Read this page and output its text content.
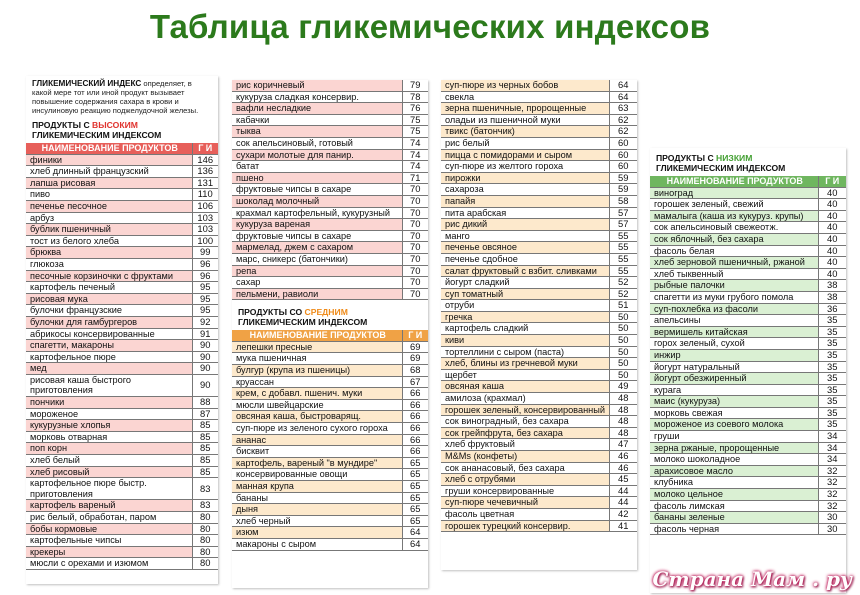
Таблица гликемических индексов
ГЛИКЕМИЧЕСКИЙ ИНДЕКС определяет, в какой мере тот или иной продукт вызывает повышение содержания сахара в крови и инсулиновую реакцию поджелудочной железы.
ПРОДУКТЫ С ВЫСОКИМ
ГЛИКЕМИЧЕСКИМ ИНДЕКСОМ
НАИМЕНОВАНИЕ ПРОДУКТОВ	Г И
финики	146
хлеб длинный французский	136
лапша рисовая	131
пиво	110
печенье песочное	106
арбуз	103
бублик пшеничный	103
тост из белого хлеба	100
брюква	99
глюкоза	96
песочные корзиночки с фруктами	96
картофель печеный	95
рисовая мука	95
булочки французские	95
булочки для гамбургеров	92
абрикосы консервированные	91
спагетти, макароны	90
картофельное пюре	90
мед	90
рисовая каша быстрого приготовления	90
пончики	88
мороженое	87
кукурузные хлопья	85
морковь отварная	85
поп корн	85
хлеб белый	85
хлеб рисовый	85
картофельное пюре быстр. приготовления	83
картофель вареный	83
рис белый, обработан, паром	80
бобы кормовые	80
картофельные чипсы	80
крекеры	80
мюсли с орехами и изюмом	80
рис коричневый	79
кукуруза сладкая консервир.	78
вафли несладкие	76
кабачки	75
тыква	75
сок апельсиновый, готовый	74
сухари молотые для панир.	74
батат	74
пшено	71
фруктовые чипсы в сахаре	70
шоколад молочный	70
крахмал картофельный, кукурузный	70
кукуруза вареная	70
фруктовые чипсы в сахаре	70
мармелад, джем с сахаром	70
марс, сникерс (батончики)	70
репа	70
сахар	70
пельмени, равиоли	70
ПРОДУКТЫ СО СРЕДНИМ
ГЛИКЕМИЧЕСКИМ ИНДЕКСОМ
НАИМЕНОВАНИЕ ПРОДУКТОВ	Г И
лепешки пресные	69
мука пшеничная	69
булгур (крупа из пшеницы)	68
круассан	67
крем, с добавл. пшенич. муки	66
мюсли швейцарские	66
овсяная каша, быстроварящ.	66
суп-пюре из зеленого сухого гороха	66
ананас	66
бисквит	66
картофель, вареный "в мундире"	65
консервированные овощи	65
манная крупа	65
бананы	65
дыня	65
хлеб черный	65
изюм	64
макароны с сыром	64
суп-пюре из черных бобов	64
свекла	64
зерна пшеничные, пророщенные	63
оладьи из пшеничной муки	62
твикс (батончик)	62
рис белый	60
пицца с помидорами и сыром	60
суп-пюре из желтого гороха	60
пирожки	59
сахароза	59
папайя	58
пита арабская	57
рис дикий	57
манго	55
печенье овсяное	55
печенье сдобное	55
салат фруктовый с взбит. сливками	55
йогурт сладкий	52
суп томатный	52
отруби	51
гречка	50
картофель сладкий	50
киви	50
тортеллини с сыром (паста)	50
хлеб, блины из гречневой муки	50
щербет	50
овсяная каша	49
амилоза (крахмал)	48
горошек зеленый, консервированный	48
сок виноградный, без сахара	48
сок грейпфрута, без сахара	48
хлеб фруктовый	47
M&Ms (конфеты)	46
сок ананасовый, без сахара	46
хлеб с отрубями	45
груши консервированные	44
суп-пюре чечевичный	44
фасоль цветная	42
горошек турецкий консервир.	41
ПРОДУКТЫ С НИЗКИМ
ГЛИКЕМИЧЕСКИМ ИНДЕКСОМ
НАИМЕНОВАНИЕ ПРОДУКТОВ	Г И
виноград	40
горошек зеленый, свежий	40
мамалыга (каша из кукуруз. крупы)	40
сок апельсиновый свежеотж.	40
сок яблочный, без сахара	40
фасоль белая	40
хлеб зерновой пшеничный, ржаной	40
хлеб тыквенный	40
рыбные палочки	38
спагетти из муки грубого помола	38
суп-похлебка из фасоли	36
апельсины	35
вермишель китайская	35
горох зеленый, сухой	35
инжир	35
йогурт натуральный	35
йогурт обезжиренный	35
курага	35
маис (кукуруза)	35
морковь свежая	35
мороженое из соевого молока	35
груши	34
зерна ржаные, пророщенные	34
молоко шоколадное	34
арахисовое масло	32
клубника	32
молоко цельное	32
фасоль лимская	32
бананы зеленые	30
фасоль черная	30
Страна Мам . ру
